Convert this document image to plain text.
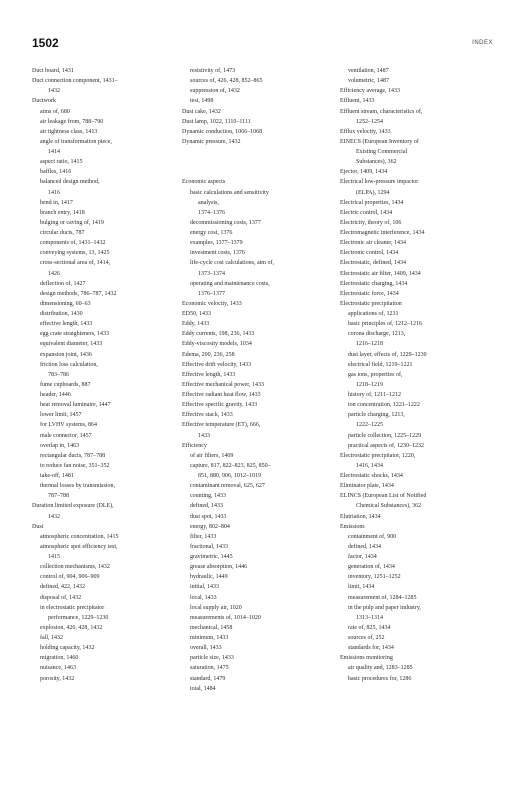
1502	INDEX
Duct board, 1431
Duct connection component, 1431–
1432
Ductwork
aims of, 680
air leakage from, 788–790
air tightness class, 1413
angle of transformation piece,
1414
aspect ratio, 1415
baffles, 1416
balanced design method,
1416
bend in, 1417
branch entry, 1418
bulging or caving of, 1419
circular ducts, 787
components of, 1431–1432
conveying systems, 13, 1425
cross-sectional area of, 1414,
1426
deflection of, 1427
design methods, 786–787, 1432
dimensioning, 60–63
distribution, 1430
effective length, 1433
egg crate straighteners, 1433
equivalent diameter, 1433
expansion joint, 1436
friction loss calculation,
783–786
fume cupboards, 887
header, 1446
heat removal luminaire, 1447
lower limit, 1457
for LVHV systems, 864
male connector, 1457
overlap in, 1463
rectangular ducts, 787–788
to reduce fan noise, 351–352
take-off, 1481
thermal losses by transmission,
787–788
Duration limited exposure (DLE),
1432
Dust
atmospheric concentration, 1415
atmospheric spot efficiency test,
1415
collection mechanisms, 1432
control of, 904, 906–909
defined, 422, 1432
disposal of, 1432
in electrostatic precipitator
performance, 1229–1230
explosion, 426, 428, 1432
fall, 1432
holding capacity, 1432
migration, 1460
nuisance, 1463
porosity, 1432
resistivity of, 1473
sources of, 426, 428, 852–865
suppression of, 1432
test, 1498
Dust cake, 1432
Dust lamp, 1022, 1110–1111
Dynamic conduction, 1066–1068
Dynamic pressure, 1432
Economic aspects
basic calculations and sensitivity
analysis,
1374–1376
decommissioning costs, 1377
energy cost, 1376
examples, 1377–1379
investment costs, 1376
life-cycle cost calculations, aim of,
1373–1374
operating and maintenance costs,
1376–1377
Economic velocity, 1433
ED50, 1433
Eddy, 1433
Eddy currents, 198, 236, 1433
Eddy-viscosity models, 1034
Edema, 200, 236, 258
Effective drift velocity, 1433
Effective length, 1433
Effective mechanical power, 1433
Effective radiant heat flow, 1433
Effective specific gravity, 1433
Effective stack, 1433
Effective temperature (ET), 666,
1433
Efficiency
of air filters, 1409
capture, 817, 822–823, 825, 850–
851, 880, 906, 1012–1019
contaminant removal, 625, 627
counting, 1433
defined, 1433
dust spot, 1433
energy, 802–804
filter, 1433
fractional, 1433
gravimetric, 1445
grease absorption, 1446
hydraulic, 1449
initial, 1433
local, 1433
local supply air, 1020
measurements of, 1014–1020
mechanical, 1458
minimum, 1433
overall, 1433
particle size, 1433
saturation, 1475
standard, 1479
total, 1484
ventilation, 1487
volumetric, 1487
Efficiency average, 1433
Effluent, 1433
Effluent stream, characteristics of,
1252–1254
Efflux velocity, 1433
EINECS (European Inventory of
Existing Commercial
Substances), 362
Ejector, 1409, 1434
Electrical low-pressure impactor
(ELPA), 1294
Electrical properties, 1434
Electric control, 1434
Electricity, theory of, 106
Electromagnetic interference, 1434
Electronic air cleaner, 1434
Electronic control, 1434
Electrostatic, defined, 1434
Electrostatic air filter, 1409, 1434
Electrostatic charging, 1434
Electrostatic force, 1434
Electrostatic precipitation
applications of, 1231
basic principles of, 1212–1216
corona discharge, 1213,
1216–1218
dust layer, effects of, 1229–1230
electrical field, 1219–1221
gas ions, properties of,
1218–1219
history of, 1211–1212
ion concentration, 1221–1222
particle charging, 1213,
1222–1225
particle collection, 1225–1229
practical aspects of, 1230–1232
Electrostatic precipitator, 1220,
1416, 1434
Electrostatic shocks, 1434
Eliminator plate, 1434
ELINCS (European List of Notified
Chemical Substances), 362
Elutriation, 1434
Emissions
containment of, 900
defined, 1434
factor, 1434
generation of, 1434
inventory, 1251–1252
limit, 1434
measurement of, 1284–1285
in the pulp and paper industry,
1313–1314
rate of, 825, 1434
sources of, 252
standards for, 1434
Emissions monitoring
air quality and, 1283–1285
basic procedures for, 1286
